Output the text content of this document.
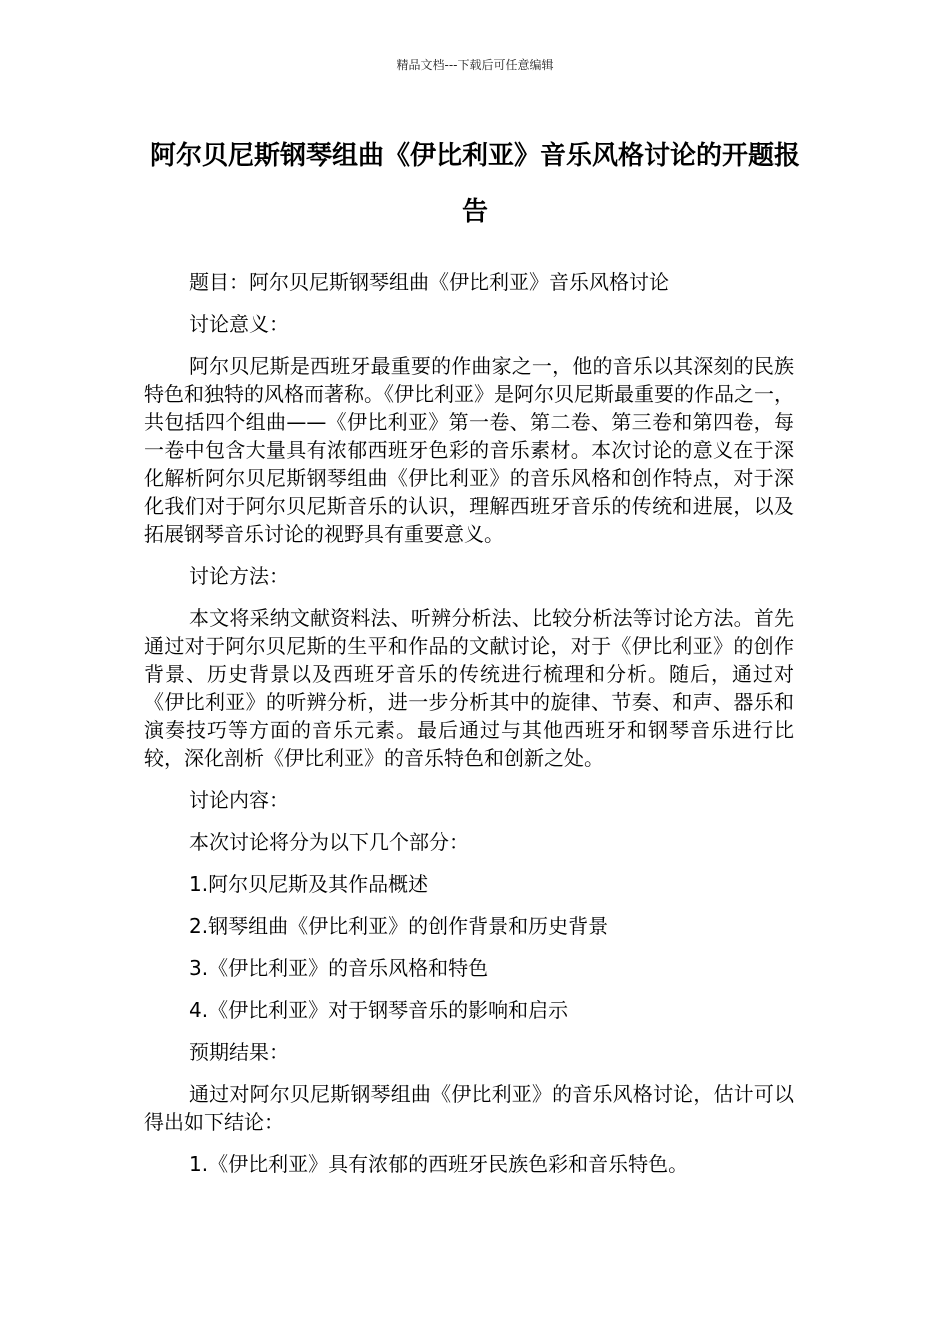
精品文档---下载后可任意编辑
阿尔贝尼斯钢琴组曲《伊比利亚》音乐风格讨论的开题报告

题目：阿尔贝尼斯钢琴组曲《伊比利亚》音乐风格讨论

讨论意义：

阿尔贝尼斯是西班牙最重要的作曲家之一，他的音乐以其深刻的民族特色和独特的风格而著称。《伊比利亚》是阿尔贝尼斯最重要的作品之一，共包括四个组曲——《伊比利亚》第一卷、第二卷、第三卷和第四卷，每一卷中包含大量具有浓郁西班牙色彩的音乐素材。本次讨论的意义在于深化解析阿尔贝尼斯钢琴组曲《伊比利亚》的音乐风格和创作特点，对于深化我们对于阿尔贝尼斯音乐的认识，理解西班牙音乐的传统和进展，以及拓展钢琴音乐讨论的视野具有重要意义。

讨论方法：

本文将采纳文献资料法、听辨分析法、比较分析法等讨论方法。首先通过对于阿尔贝尼斯的生平和作品的文献讨论，对于《伊比利亚》的创作背景、历史背景以及西班牙音乐的传统进行梳理和分析。随后，通过对《伊比利亚》的听辨分析，进一步分析其中的旋律、节奏、和声、器乐和演奏技巧等方面的音乐元素。最后通过与其他西班牙和钢琴音乐进行比较，深化剖析《伊比利亚》的音乐特色和创新之处。

讨论内容：

本次讨论将分为以下几个部分：

1.阿尔贝尼斯及其作品概述

2.钢琴组曲《伊比利亚》的创作背景和历史背景

3.《伊比利亚》的音乐风格和特色

4.《伊比利亚》对于钢琴音乐的影响和启示

预期结果：

通过对阿尔贝尼斯钢琴组曲《伊比利亚》的音乐风格讨论，估计可以得出如下结论：

1.《伊比利亚》具有浓郁的西班牙民族色彩和音乐特色。
